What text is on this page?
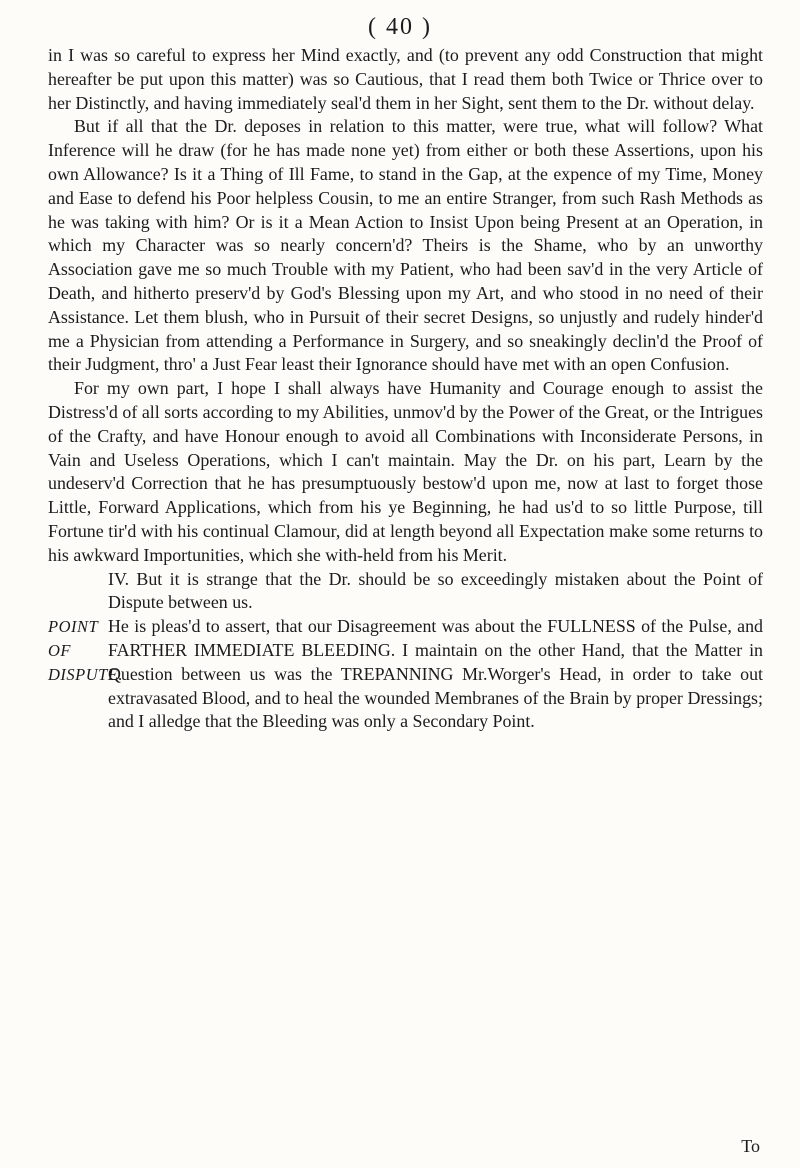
( 40 )

in I was so careful to express her Mind exactly, and (to prevent any odd Construction that might hereafter be put upon this matter) was so Cautious, that I read them both Twice or Thrice over to her Distinctly, and having immediately seal'd them in her Sight, sent them to the Dr. without delay.

But if all that the Dr. deposes in relation to this matter, were true, what will follow? What Inference will he draw (for he has made none yet) from either or both these Assertions, upon his own Allowance? Is it a Thing of Ill Fame, to stand in the Gap, at the expence of my Time, Money and Ease to defend his Poor helpless Cousin, to me an entire Stranger, from such Rash Methods as he was taking with him? Or is it a Mean Action to Insist Upon being Present at an Operation, in which my Character was so nearly concern'd? Theirs is the Shame, who by an unworthy Association gave me so much Trouble with my Patient, who had been sav'd in the very Article of Death, and hitherto preserv'd by God's Blessing upon my Art, and who stood in no need of their Assistance. Let them blush, who in Pursuit of their secret Designs, so unjustly and rudely hinder'd me a Physician from attending a Performance in Surgery, and so sneakingly declin'd the Proof of their Judgment, thro' a Just Fear least their Ignorance should have met with an open Confusion.

For my own part, I hope I shall always have Humanity and Courage enough to assist the Distress'd of all sorts according to my Abilities, unmov'd by the Power of the Great, or the Intrigues of the Crafty, and have Honour enough to avoid all Combinations with Inconsiderate Persons, in Vain and Useless Operations, which I can't maintain. May the Dr. on his part, Learn by the undeserv'd Correction that he has presumptuously bestow'd upon me, now at last to forget those Little, Forward Applications, which from his ye Beginning, he had us'd to so little Purpose, till Fortune tir'd with his continual Clamour, did at length beyond all Expectation make some returns to his awkward Importunities, which she with-held from his Merit.

IV. But it is strange that the Dr. should be so exceedingly mistaken about the Point of Dispute between us.

POINT OF DISPUTE.

He is pleas'd to assert, that our Disagreement was about the FULLNESS of the Pulse, and FARTHER IMMEDIATE BLEEDING. I maintain on the other Hand, that the Matter in Question between us was the TREPANNING Mr.Worger's Head, in order to take out extravasated Blood, and to heal the wounded Membranes of the Brain by proper Dressings; and I alledge that the Bleeding was only a Secondary Point.

To
